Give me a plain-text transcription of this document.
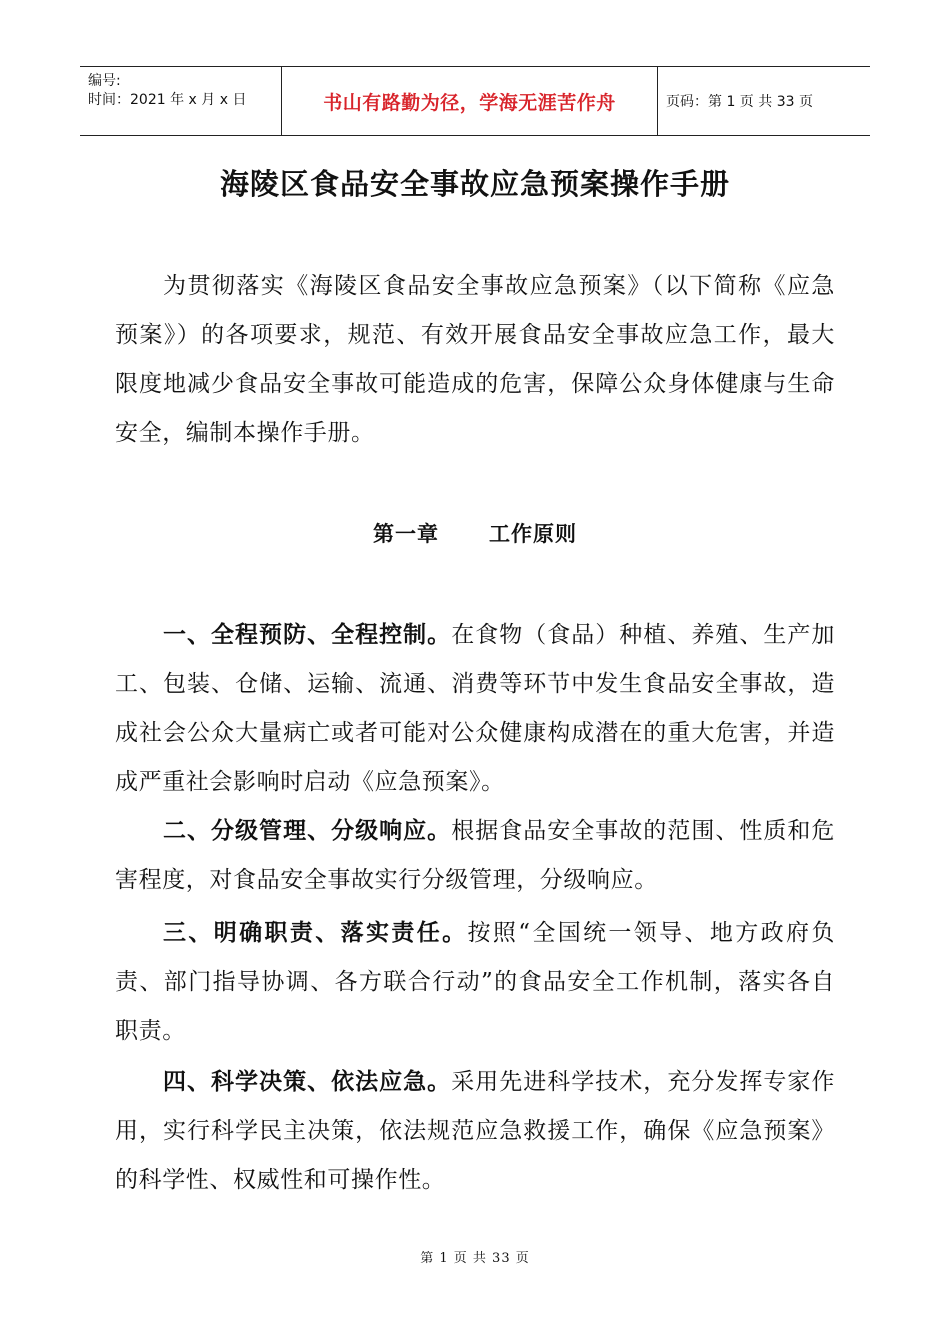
编号:
时间：2021 年 x 月 x 日	书山有路勤为径，学海无涯苦作舟	页码：第 1 页 共 33 页
海陵区食品安全事故应急预案操作手册

为贯彻落实《海陵区食品安全事故应急预案》（以下简称《应急预案》）的各项要求，规范、有效开展食品安全事故应急工作，最大限度地减少食品安全事故可能造成的危害，保障公众身体健康与生命安全，编制本操作手册。

第一章 工作原则

一、全程预防、全程控制。在食物（食品）种植、养殖、生产加工、包装、仓储、运输、流通、消费等环节中发生食品安全事故，造成社会公众大量病亡或者可能对公众健康构成潜在的重大危害，并造成严重社会影响时启动《应急预案》。

二、分级管理、分级响应。根据食品安全事故的范围、性质和危害程度，对食品安全事故实行分级管理，分级响应。

三、明确职责、落实责任。按照“全国统一领导、地方政府负责、部门指导协调、各方联合行动”的食品安全工作机制，落实各自职责。

四、科学决策、依法应急。采用先进科学技术，充分发挥专家作用，实行科学民主决策，依法规范应急救援工作，确保《应急预案》的科学性、权威性和可操作性。

第 1 页 共 33 页
